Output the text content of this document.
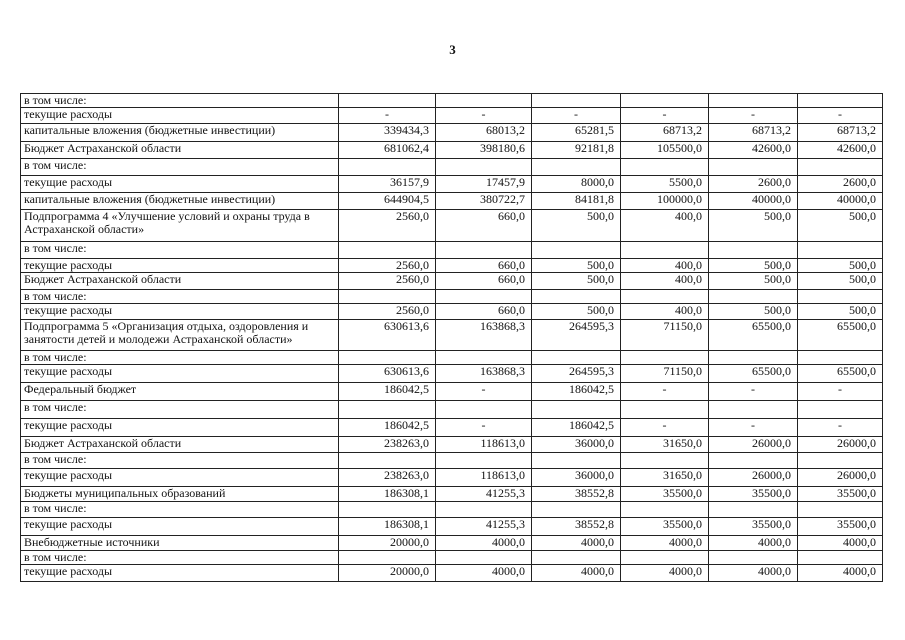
3
в том числе:						
текущие расходы	-	-	-	-	-	-
капитальные вложения (бюджетные инвестиции)	339434,3	68013,2	65281,5	68713,2	68713,2	68713,2
Бюджет Астраханской области	681062,4	398180,6	92181,8	105500,0	42600,0	42600,0
в том числе:						
текущие расходы	36157,9	17457,9	8000,0	5500,0	2600,0	2600,0
капитальные вложения (бюджетные инвестиции)	644904,5	380722,7	84181,8	100000,0	40000,0	40000,0
Подпрограмма 4 «Улучшение условий и охраны труда в Астраханской области»	2560,0	660,0	500,0	400,0	500,0	500,0
в том числе:						
текущие расходы	2560,0	660,0	500,0	400,0	500,0	500,0
Бюджет Астраханской области	2560,0	660,0	500,0	400,0	500,0	500,0
в том числе:						
текущие расходы	2560,0	660,0	500,0	400,0	500,0	500,0
Подпрограмма 5 «Организация отдыха, оздоровления и занятости детей и молодежи Астраханской области»	630613,6	163868,3	264595,3	71150,0	65500,0	65500,0
в том числе:						
текущие расходы	630613,6	163868,3	264595,3	71150,0	65500,0	65500,0
Федеральный бюджет	186042,5	-	186042,5	-	-	-
в том числе:						
текущие расходы	186042,5	-	186042,5	-	-	-
Бюджет Астраханской области	238263,0	118613,0	36000,0	31650,0	26000,0	26000,0
в том числе:						
текущие расходы	238263,0	118613,0	36000,0	31650,0	26000,0	26000,0
Бюджеты муниципальных образований	186308,1	41255,3	38552,8	35500,0	35500,0	35500,0
в том числе:						
текущие расходы	186308,1	41255,3	38552,8	35500,0	35500,0	35500,0
Внебюджетные источники	20000,0	4000,0	4000,0	4000,0	4000,0	4000,0
в том числе:						
текущие расходы	20000,0	4000,0	4000,0	4000,0	4000,0	4000,0
